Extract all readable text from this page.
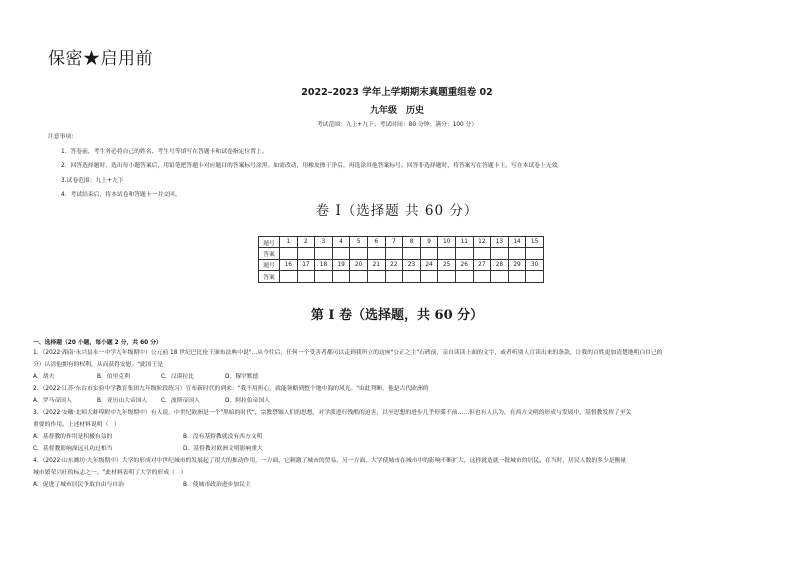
保密★启用前
2022–2023 学年上学期期末真题重组卷 02
九年级　历史
考试范围：九上+九下；考试时间：80 分钟；满分：100 分）
注意事项：
1．答卷前，考生务必将自己的姓名、考生号等填写在答题卡和试卷指定位置上。
2．回答选择题时，选出每小题答案后，用铅笔把答题卡对应题目的答案标号涂黑。如需改动，用橡皮擦干净后，再选涂其他答案标号。回答非选择题时，将答案写在答题卡上。写在本试卷上无效。
3.试卷范围：九上+九下
4．考试结束后，将本试卷和答题卡一并交回。
卷 I（选择题 共 60 分）
题号	1	2	3	4	5	6	7	8	9	10	11	12	13	14	15
答案															
题号	16	17	18	19	20	21	22	23	24	25	26	27	28	29	30
答案															
第 I 卷（选择题，共 60 分）
一、选择题（20 小题，每小题 2 分，共 60 分）
1．（2022·湖南·永兴县永一中学九年级期中）公元前 18 世纪巴比伦王颁布法典中说"…从今往后，任何一个受害者都可以走到我所立的这座"公正之主"石碑前，亲自读读上面的文字，或者听别人宣读出来的条款，让我的百姓更加清楚地明白自己的
分）认清他拥有的权利，从而获得安慰。"此国王是
A．胡夫	B．伯里克利	C．汉谟拉比	D．穆罕默德
2．（2022·江苏·东台市实验中学教育集团九年级阶段练习）宣布新时代的到来："我不用担心，就能领略到整个地中海的风光。"由此判断，他是古代欧洲的
A．罗马帝国人	B．亚历山大帝国人 C．波斯帝国人	D．阿拉伯帝国人
3．（2022·安徽·北师大蚌埠附中九年级期中）有人说，中世纪欧洲是一个"黑暗的时代"，宗教禁锢人们的思想，对学派进行残酷的迫害，以至思想的进步几乎停滞不前……但也有人认为，在西方文明的形成与发展中，基督教发挥了至关
重要的作用。上述材料说明（　）
A．基督教的作用是积极有益的	B．没有基督教就没有西方文明
C．基督教影响深远且功过相当	D．基督教对欧洲文明影响重大
4．（2022·山东潍坊·九年级期中）大学的形成对中世纪城市的发展起了很大的推动作用，一方面，它刺激了城市的贸易，另一方面，大学使城市在城市中的影响不断扩大，这样就造就一批城市的居民。在当时，居民人数的多少是衡量
城市繁荣兴旺的标志之一。"此材料表明了大学的形成（　）
A．促进了城市居民争取自由与自治	B．使城市政治进步加民主
